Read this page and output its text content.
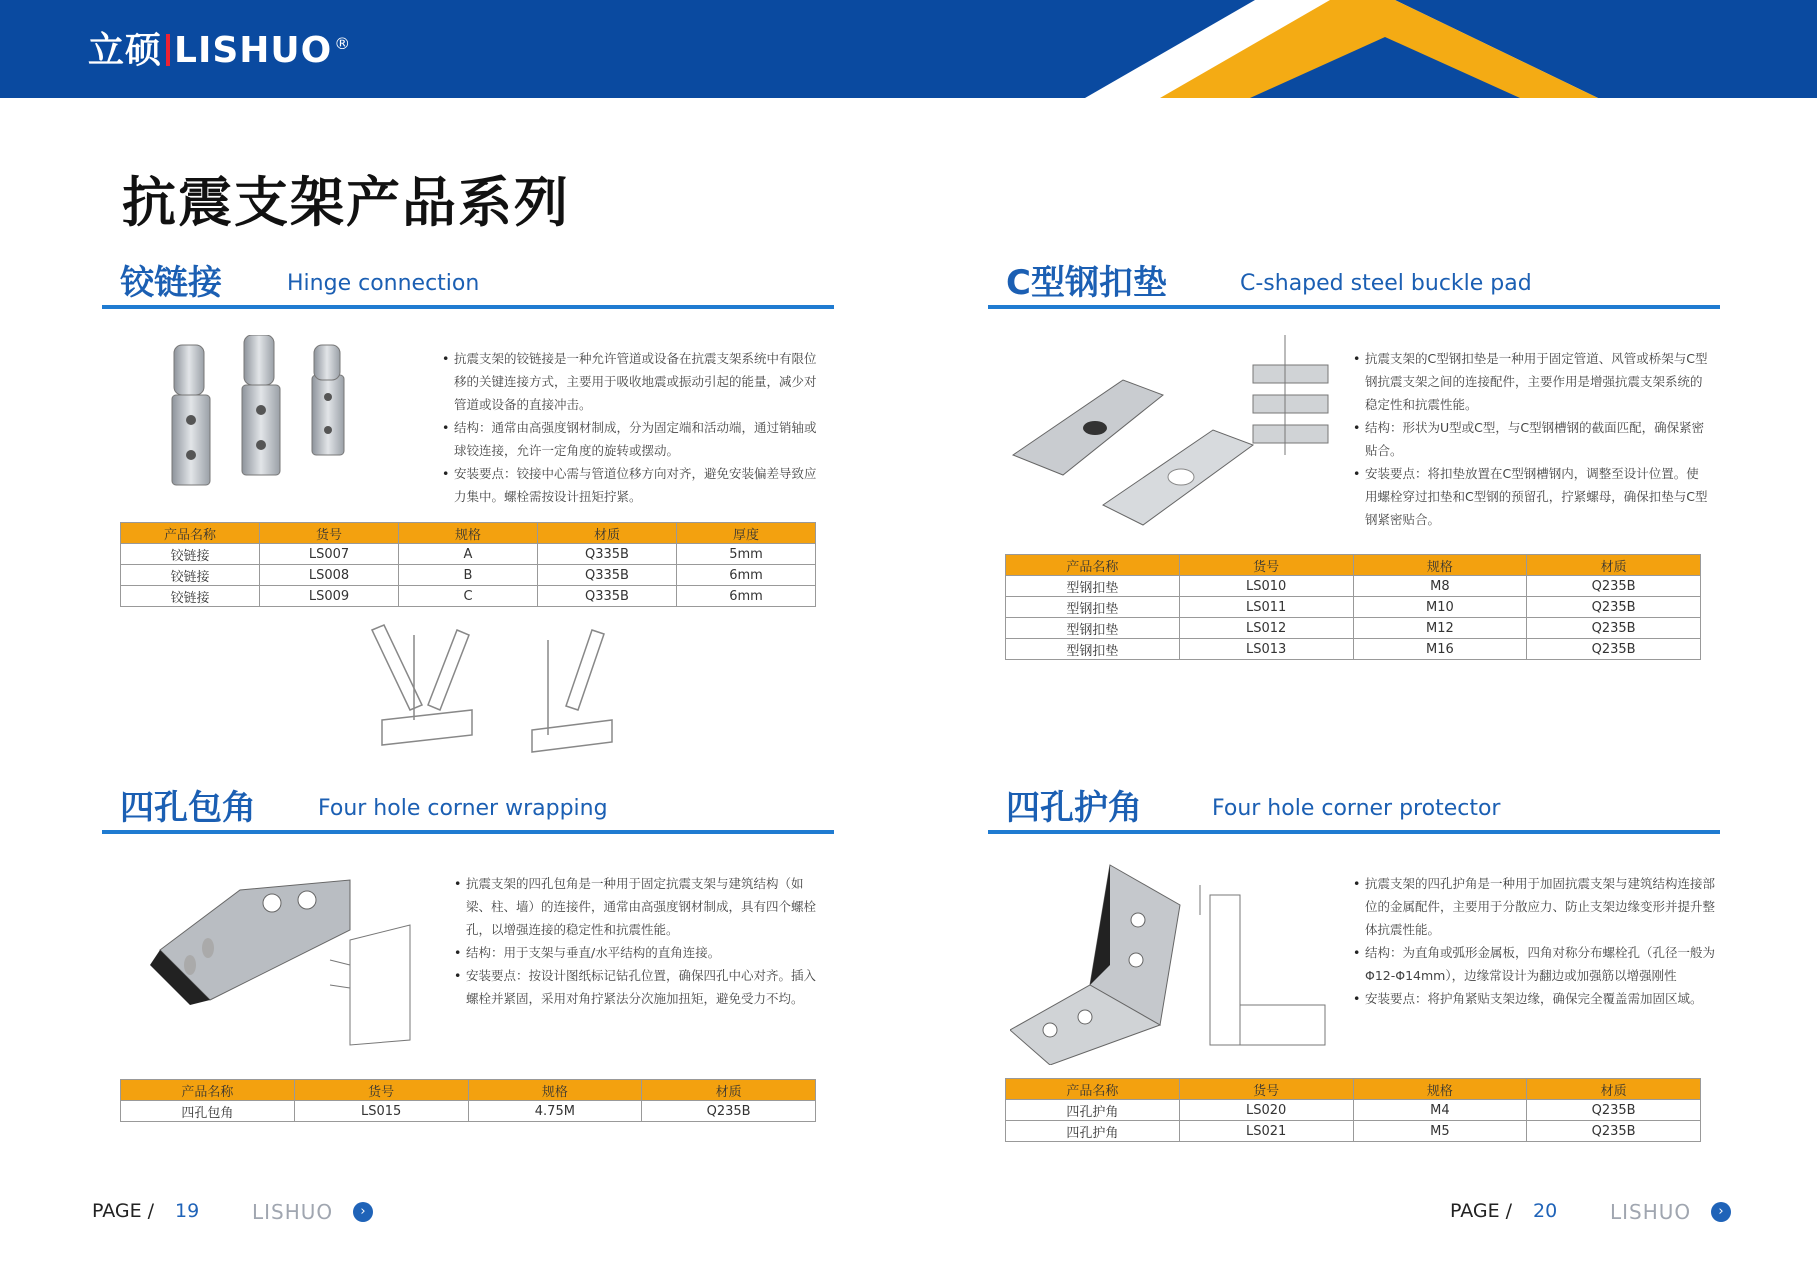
立硕 LISHUO ®
抗震支架产品系列
铰链接	Hinge connection
• 抗震支架的铰链接是一种允许管道或设备在抗震支架系统中有限位移的关键连接方式，主要用于吸收地震或振动引起的能量，减少对管道或设备的直接冲击。
• 结构：通常由高强度钢材制成，分为固定端和活动端，通过销轴或球铰连接，允许一定角度的旋转或摆动。
• 安装要点：铰接中心需与管道位移方向对齐，避免安装偏差导致应力集中。螺栓需按设计扭矩拧紧。
产品名称	货号	规格	材质	厚度
铰链接	LS007	A	Q335B	5mm
铰链接	LS008	B	Q335B	6mm
铰链接	LS009	C	Q335B	6mm
C型钢扣垫	C-shaped steel buckle pad
• 抗震支架的C型钢扣垫是一种用于固定管道、风管或桥架与C型钢抗震支架之间的连接配件，主要作用是增强抗震支架系统的稳定性和抗震性能。
• 结构：形状为U型或C型，与C型钢槽钢的截面匹配，确保紧密贴合。
• 安装要点：将扣垫放置在C型钢槽钢内，调整至设计位置。使用螺栓穿过扣垫和C型钢的预留孔，拧紧螺母，确保扣垫与C型钢紧密贴合。
产品名称	货号	规格	材质
型钢扣垫	LS010	M8	Q235B
型钢扣垫	LS011	M10	Q235B
型钢扣垫	LS012	M12	Q235B
型钢扣垫	LS013	M16	Q235B
四孔包角	Four hole corner wrapping
• 抗震支架的四孔包角是一种用于固定抗震支架与建筑结构（如梁、柱、墙）的连接件，通常由高强度钢材制成，具有四个螺栓孔，以增强连接的稳定性和抗震性能。
• 结构：用于支架与垂直/水平结构的直角连接。
• 安装要点：按设计图纸标记钻孔位置，确保四孔中心对齐。插入螺栓并紧固，采用对角拧紧法分次施加扭矩，避免受力不均。
产品名称	货号	规格	材质
四孔包角	LS015	4.75M	Q235B
四孔护角	Four hole corner protector
• 抗震支架的四孔护角是一种用于加固抗震支架与建筑结构连接部位的金属配件，主要用于分散应力、防止支架边缘变形并提升整体抗震性能。
• 结构：为直角或弧形金属板，四角对称分布螺栓孔（孔径一般为Φ12-Φ14mm），边缘常设计为翻边或加强筋以增强刚性
• 安装要点：将护角紧贴支架边缘，确保完全覆盖需加固区域。
产品名称	货号	规格	材质
四孔护角	LS020	M4	Q235B
四孔护角	LS021	M5	Q235B
PAGE / 19	LISHUO	›	PAGE / 20	LISHUO	›
